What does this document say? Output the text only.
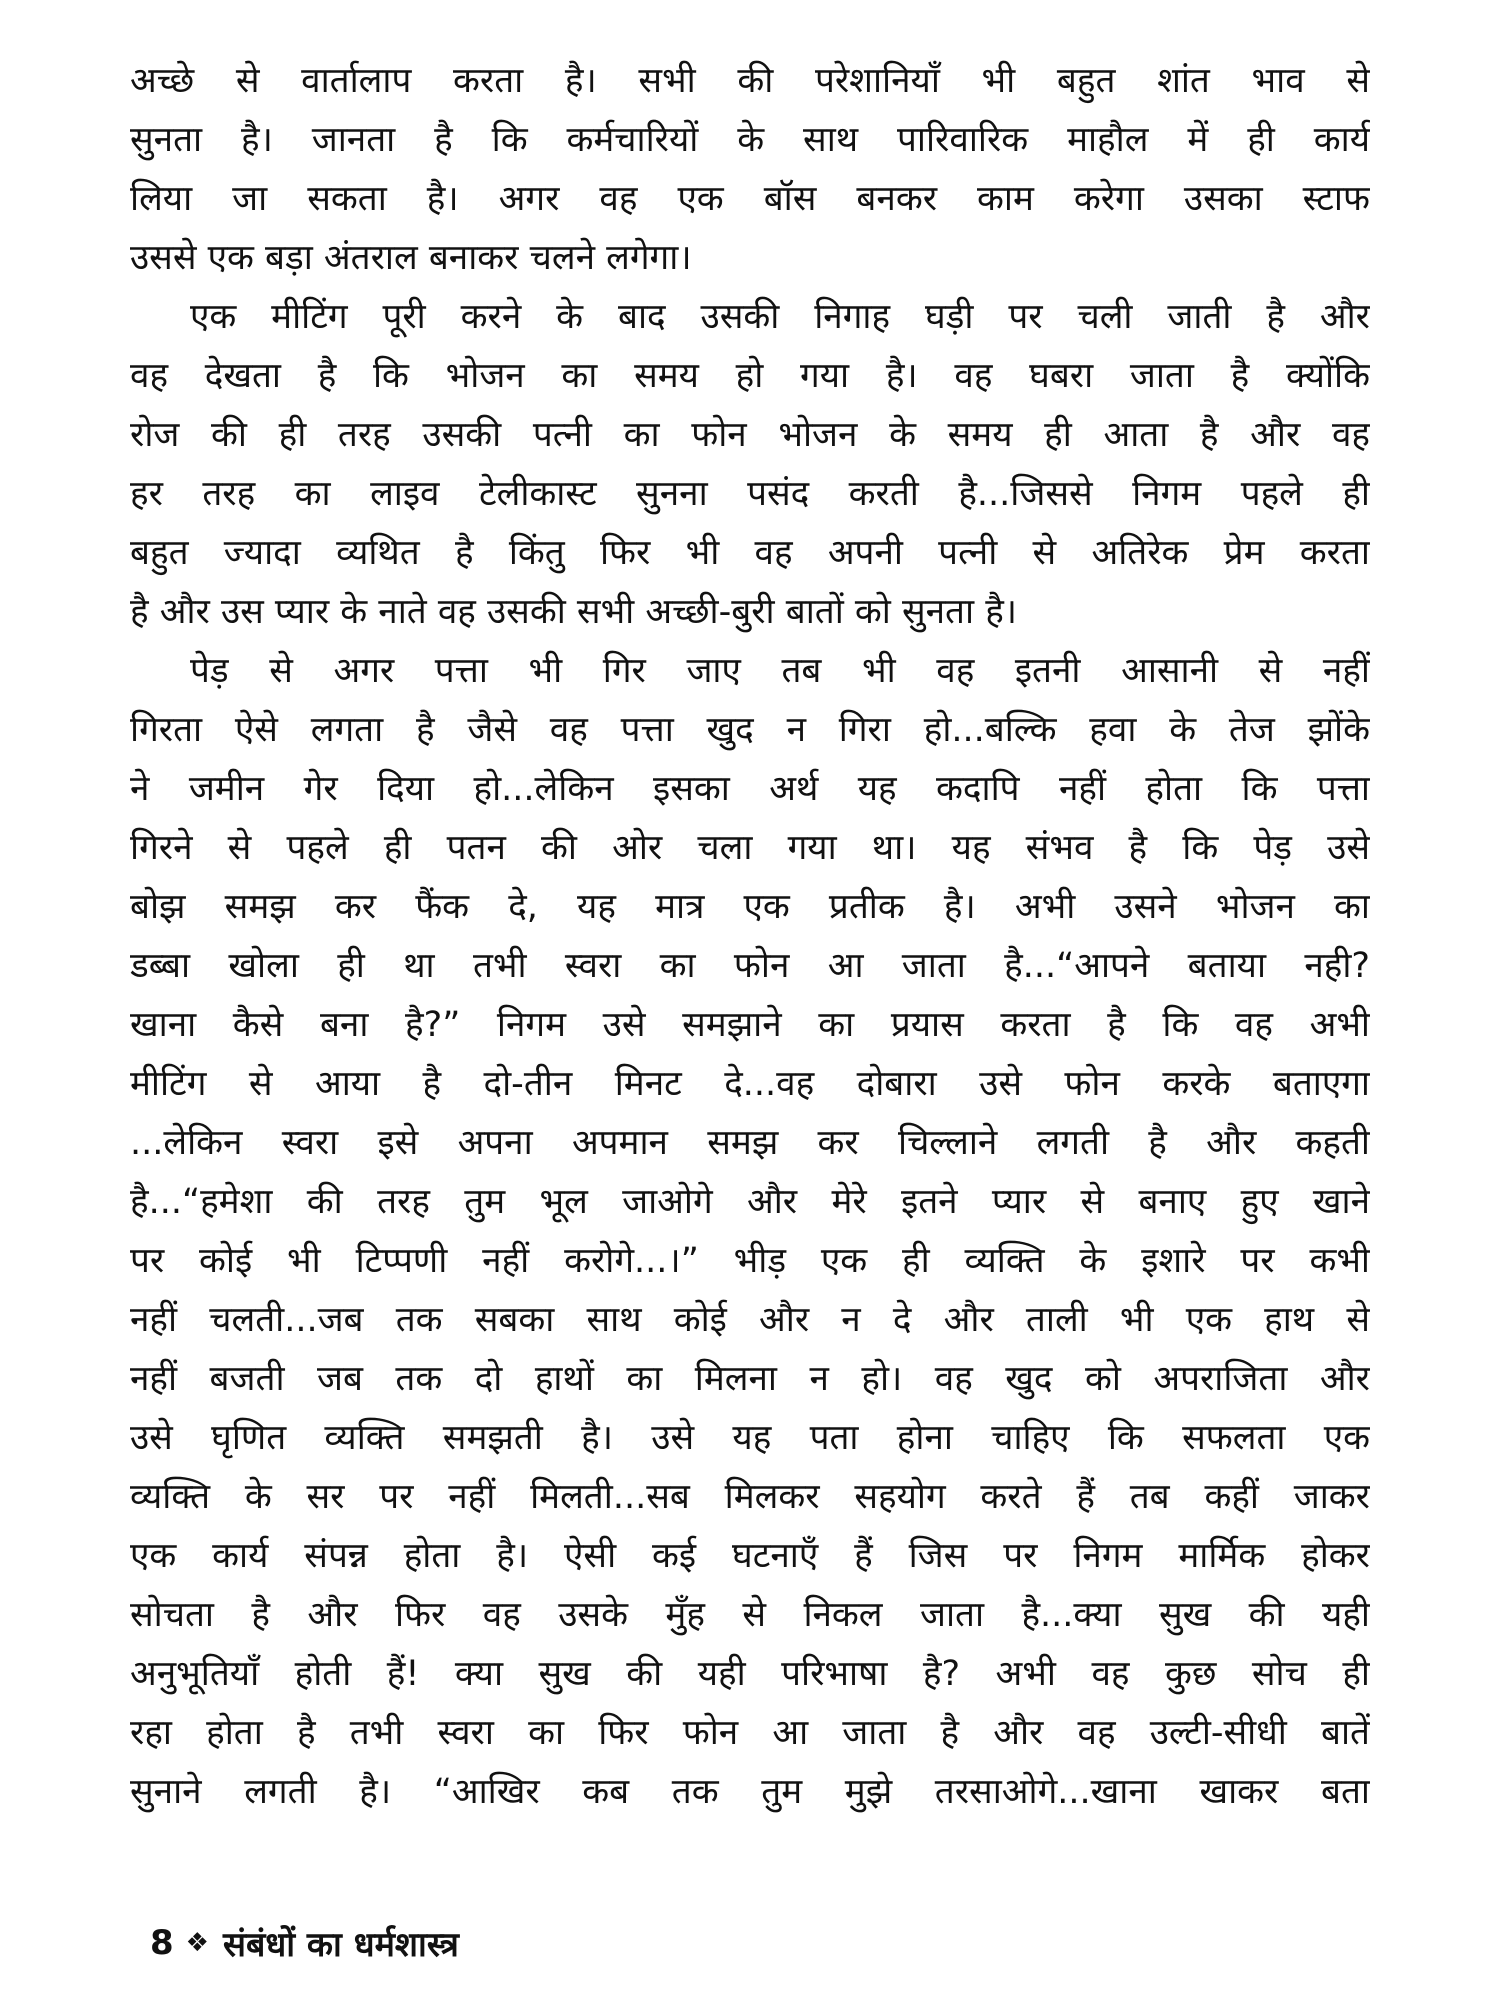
अच्छे से वार्तालाप करता है। सभी की परेशानियाँ भी बहुत शांत भाव से
सुनता है। जानता है कि कर्मचारियों के साथ पारिवारिक माहौल में ही कार्य
लिया जा सकता है। अगर वह एक बॉस बनकर काम करेगा उसका स्टाफ
उससे एक बड़ा अंतराल बनाकर चलने लगेगा।
एक मीटिंग पूरी करने के बाद उसकी निगाह घड़ी पर चली जाती है और
वह देखता है कि भोजन का समय हो गया है। वह घबरा जाता है क्योंकि
रोज की ही तरह उसकी पत्नी का फोन भोजन के समय ही आता है और वह
हर तरह का लाइव टेलीकास्ट सुनना पसंद करती है...जिससे निगम पहले ही
बहुत ज्यादा व्यथित है किंतु फिर भी वह अपनी पत्नी से अतिरेक प्रेम करता
है और उस प्यार के नाते वह उसकी सभी अच्छी-बुरी बातों को सुनता है।
पेड़ से अगर पत्ता भी गिर जाए तब भी वह इतनी आसानी से नहीं
गिरता ऐसे लगता है जैसे वह पत्ता खुद न गिरा हो...बल्कि हवा के तेज झोंके
ने जमीन गेर दिया हो...लेकिन इसका अर्थ यह कदापि नहीं होता कि पत्ता
गिरने से पहले ही पतन की ओर चला गया था। यह संभव है कि पेड़ उसे
बोझ समझ कर फैंक दे, यह मात्र एक प्रतीक है। अभी उसने भोजन का
डब्बा खोला ही था तभी स्वरा का फोन आ जाता है...“आपने बताया नही?
खाना कैसे बना है?” निगम उसे समझाने का प्रयास करता है कि वह अभी
मीटिंग से आया है दो-तीन मिनट दे...वह दोबारा उसे फोन करके बताएगा
...लेकिन स्वरा इसे अपना अपमान समझ कर चिल्लाने लगती है और कहती
है...“हमेशा की तरह तुम भूल जाओगे और मेरे इतने प्यार से बनाए हुए खाने
पर कोई भी टिप्पणी नहीं करोगे...।” भीड़ एक ही व्यक्ति के इशारे पर कभी
नहीं चलती...जब तक सबका साथ कोई और न दे और ताली भी एक हाथ से
नहीं बजती जब तक दो हाथों का मिलना न हो। वह खुद को अपराजिता और
उसे घृणित व्यक्ति समझती है। उसे यह पता होना चाहिए कि सफलता एक
व्यक्ति के सर पर नहीं मिलती...सब मिलकर सहयोग करते हैं तब कहीं जाकर
एक कार्य संपन्न होता है। ऐसी कई घटनाएँ हैं जिस पर निगम मार्मिक होकर
सोचता है और फिर वह उसके मुँह से निकल जाता है...क्या सुख की यही
अनुभूतियाँ होती हैं! क्या सुख की यही परिभाषा है? अभी वह कुछ सोच ही
रहा होता है तभी स्वरा का फिर फोन आ जाता है और वह उल्टी-सीधी बातें
सुनाने लगती है। “आखिर कब तक तुम मुझे तरसाओगे...खाना खाकर बता
8 ❖ संबंधों का धर्मशास्त्र
